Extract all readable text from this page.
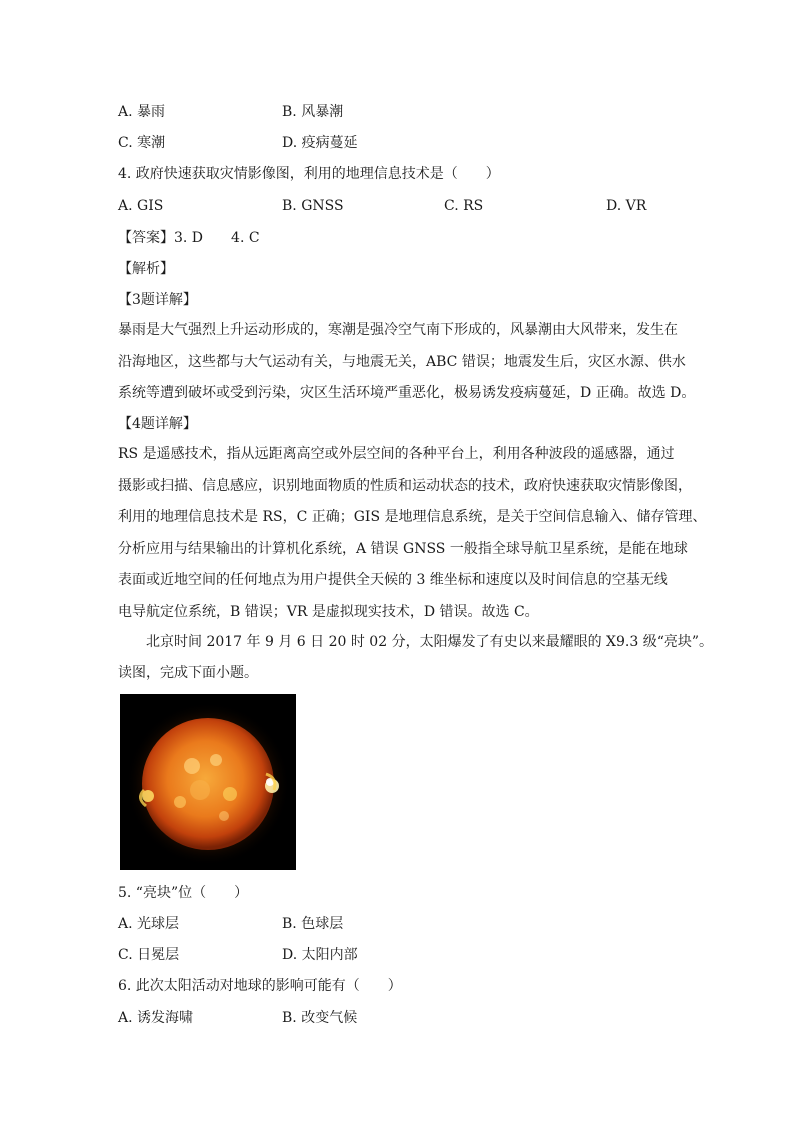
A. 暴雨	B. 风暴潮
C. 寒潮	D. 疫病蔓延
4. 政府快速获取灾情影像图，利用的地理信息技术是（　　）
A. GIS	B. GNSS	C. RS	D. VR
【答案】3. D　　4. C
【解析】
【3题详解】
暴雨是大气强烈上升运动形成的，寒潮是强冷空气南下形成的，风暴潮由大风带来，发生在
沿海地区，这些都与大气运动有关，与地震无关，ABC 错误；地震发生后，灾区水源、供水
系统等遭到破坏或受到污染，灾区生活环境严重恶化，极易诱发疫病蔓延，D 正确。故选 D。
【4题详解】
RS 是遥感技术，指从远距离高空或外层空间的各种平台上，利用各种波段的遥感器，通过
摄影或扫描、信息感应，识别地面物质的性质和运动状态的技术，政府快速获取灾情影像图，
利用的地理信息技术是 RS，C 正确；GIS 是地理信息系统，是关于空间信息输入、储存管理、
分析应用与结果输出的计算机化系统，A 错误 GNSS 一般指全球导航卫星系统，是能在地球
表面或近地空间的任何地点为用户提供全天候的 3 维坐标和速度以及时间信息的空基无线
电导航定位系统，B 错误；VR 是虚拟现实技术，D 错误。故选 C。
北京时间 2017 年 9 月 6 日 20 时 02 分，太阳爆发了有史以来最耀眼的 X9.3 级“亮块”。
读图，完成下面小题。
5. “亮块”位（　　）
A. 光球层	B. 色球层
C. 日冕层	D. 太阳内部
6. 此次太阳活动对地球的影响可能有（　　）
A. 诱发海啸	B. 改变气候
